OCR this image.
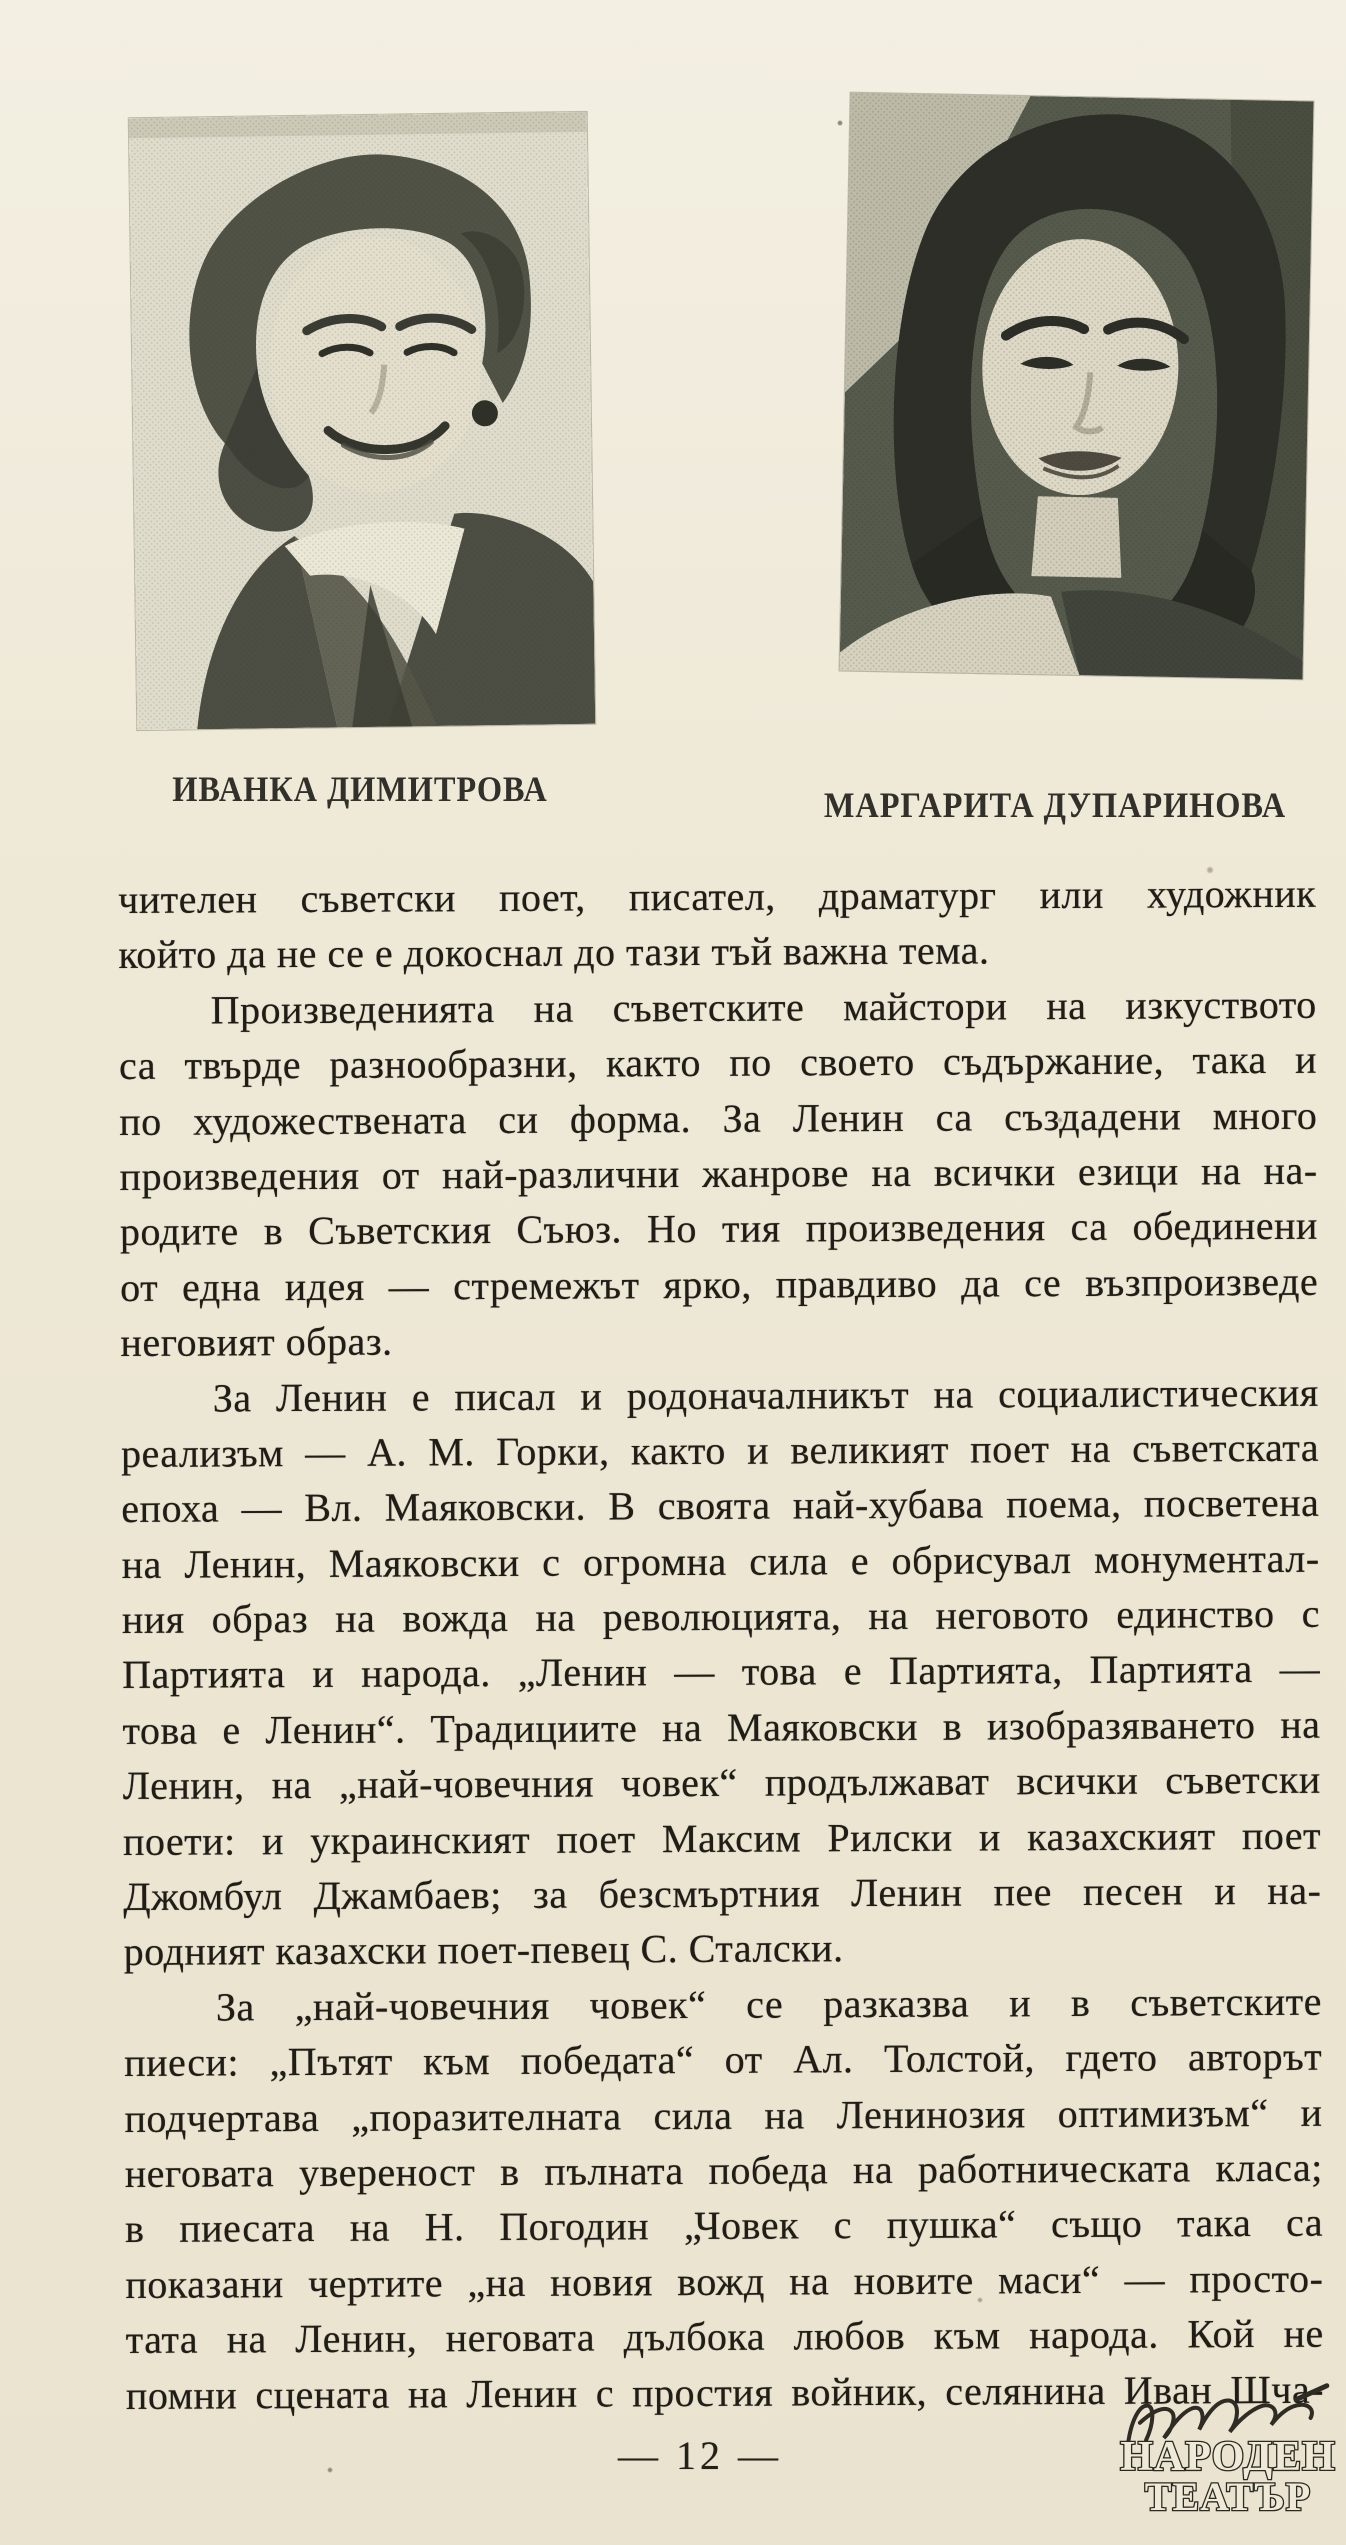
ИВАНКА ДИМИТРОВА	МАРГАРИТА ДУПАРИНОВА
чителен съветски поет, писател, драматург или художник
който да не се е докоснал до тази тъй важна тема.
Произведенията на съветските майстори на изкуството
са твърде разнообразни, както по своето съдържание, така и
по художествената си форма. За Ленин са създадени много
произведения от най-различни жанрове на всички езици на на-
родите в Съветския Съюз. Но тия произведения са обединени
от една идея — стремежът ярко, правдиво да се възпроизведе
неговият образ.
За Ленин е писал и родоначалникът на социалистическия
реализъм — А. М. Горки, както и великият поет на съветската
епоха — Вл. Маяковски. В своята най-хубава поема, посветена
на Ленин, Маяковски с огромна сила е обрисувал монументал-
ния образ на вожда на революцията, на неговото единство с
Партията и народа. „Ленин — това е Партията, Партията —
това е Ленин“. Традициите на Маяковски в изобразяването на
Ленин, на „най-човечния човек“ продължават всички съветски
поети: и украинският поет Максим Рилски и казахският поет
Джомбул Джамбаев; за безсмъртния Ленин пее песен и на-
родният казахски поет-певец С. Сталски.
За „най-човечния човек“ се разказва и в съветските
пиеси: „Пътят към победата“ от Ал. Толстой, гдето авторът
подчертава „поразителната сила на Ленинозия оптимизъм“ и
неговата увереност в пълната победа на работническата класа;
в пиесата на Н. Погодин „Човек с пушка“ също така са
показани чертите „на новия вожд на новите маси“ — просто-
тата на Ленин, неговата дълбока любов към народа. Кой не
помни сцената на Ленин с простия войник, селянина Иван Шча-
— 12 —	НАРОДЕН
ТЕАТЪР
